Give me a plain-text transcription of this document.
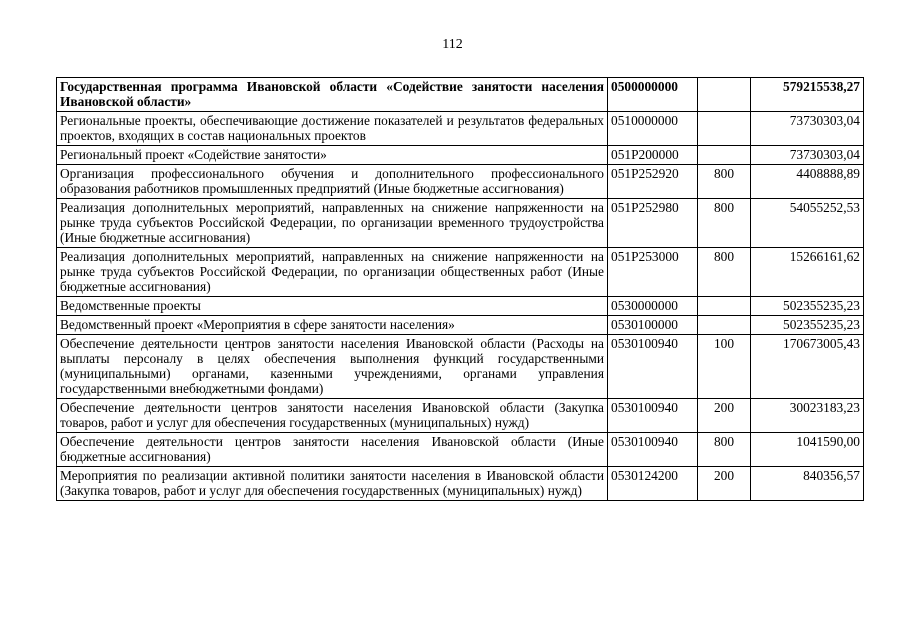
112
Государственная программа Ивановской области «Содействие занятости населения Ивановской области»	0500000000		579215538,27
Региональные проекты, обеспечивающие достижение показателей и результатов федеральных проектов, входящих в состав национальных проектов	0510000000		73730303,04
Региональный проект «Содействие занятости»	051P200000		73730303,04
Организация профессионального обучения и дополнительного профессионального образования работников промышленных предприятий (Иные бюджетные ассигнования)	051P252920	800	4408888,89
Реализация дополнительных мероприятий, направленных на снижение напряженности на рынке труда субъектов Российской Федерации, по организации временного трудоустройства (Иные бюджетные ассигнования)	051P252980	800	54055252,53
Реализация дополнительных мероприятий, направленных на снижение напряженности на рынке труда субъектов Российской Федерации, по организации общественных работ (Иные бюджетные ассигнования)	051P253000	800	15266161,62
Ведомственные проекты	0530000000		502355235,23
Ведомственный проект «Мероприятия в сфере занятости населения»	0530100000		502355235,23
Обеспечение деятельности центров занятости населения Ивановской области (Расходы на выплаты персоналу в целях обеспечения выполнения функций государственными (муниципальными) органами, казенными учреждениями, органами управления государственными внебюджетными фондами)	0530100940	100	170673005,43
Обеспечение деятельности центров занятости населения Ивановской области (Закупка товаров, работ и услуг для обеспечения государственных (муниципальных) нужд)	0530100940	200	30023183,23
Обеспечение деятельности центров занятости населения Ивановской области (Иные бюджетные ассигнования)	0530100940	800	1041590,00
Мероприятия по реализации активной политики занятости населения в Ивановской области (Закупка товаров, работ и услуг для обеспечения государственных (муниципальных) нужд)	0530124200	200	840356,57
